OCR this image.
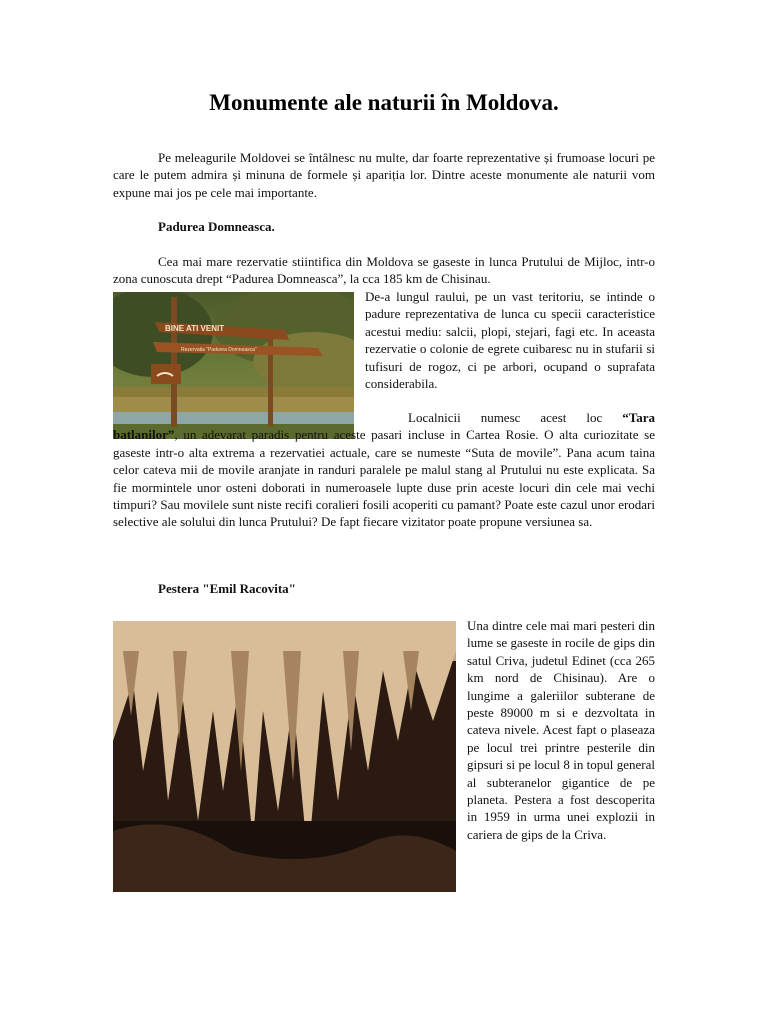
Monumente ale naturii în Moldova.
Pe meleagurile Moldovei se întâlnesc nu multe, dar foarte reprezentative și frumoase locuri pe care le putem admira și minuna de formele și apariția lor. Dintre aceste monumente ale naturii vom expune mai jos pe cele mai importante.

Padurea Domneasca.

Cea mai mare rezervatie stiintifica din Moldova se gaseste in lunca Prutului de Mijloc, intr-o zona cunoscuta drept “Padurea Domneasca”, la cca 185 km de Chisinau.
BINE ATI VENIT
Rezervatia “Padurea Domneasca”
De-a lungul raului, pe un vast teritoriu, se intinde o padure reprezentativa de lunca cu specii caracteristice acestui mediu: salcii, plopi, stejari, fagi etc. In aceasta rezervatie o colonie de egrete cuibaresc nu in stufarii si tufisuri de rogoz, ci pe arbori, ocupand o suprafata considerabila.
Localnicii numesc acest loc “Tara batlanilor”, un adevarat paradis pentru aceste pasari incluse in Cartea Rosie. O alta curiozitate se gaseste intr-o alta extrema a rezervatiei actuale, care se numeste “Suta de movile”. Pana acum taina celor cateva mii de movile aranjate in randuri paralele pe malul stang al Prutului nu este explicata. Sa fie mormintele unor osteni doborati in numeroasele lupte duse prin aceste locuri din cele mai vechi timpuri? Sau movilele sunt niste recifi coralieri fosili acoperiti cu pamant? Poate este cazul unor erodari selective ale solului din lunca Prutului? De fapt fiecare vizitator poate propune versiunea sa.

Pestera "Emil Racovita"

Una dintre cele mai mari pesteri din lume se gaseste in rocile de gips din satul Criva, judetul Edinet (cca 265 km nord de Chisinau). Are o lungime a galeriilor subterane de peste 89000 m si e dezvoltata in cateva nivele. Acest fapt o plaseaza pe locul trei printre pesterile din gipsuri si pe locul 8 in topul general al subteranelor gigantice de pe planeta. Pestera a fost descoperita in 1959 in urma unei explozii in cariera de gips de la Criva.
